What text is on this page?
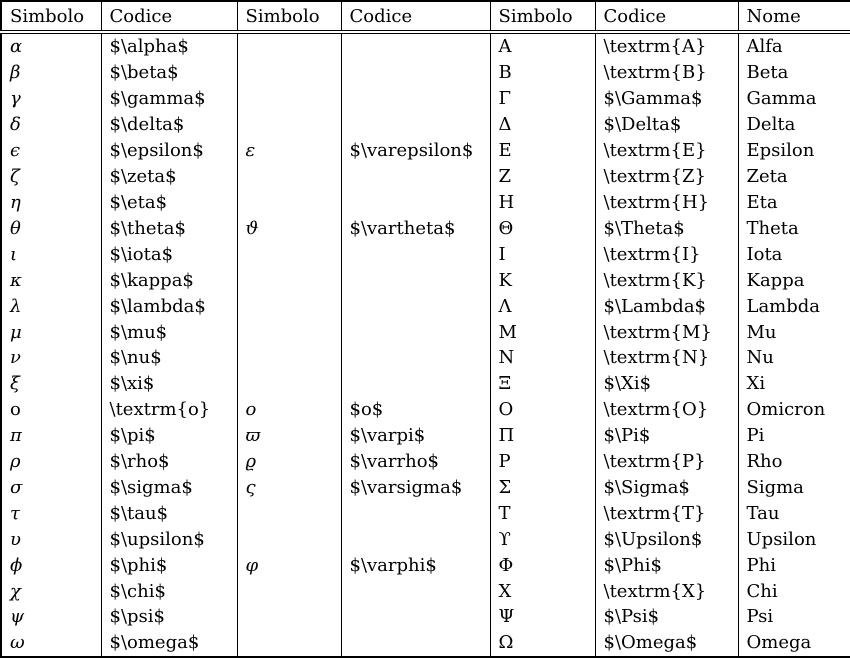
Simbolo	Codice	Simbolo	Codice	Simbolo	Codice	Nome
α	$\alpha$			A	\textrm{A}	Alfa
β	$\beta$			B	\textrm{B}	Beta
γ	$\gamma$			Γ	$\Gamma$	Gamma
δ	$\delta$			Δ	$\Delta$	Delta
ϵ	$\epsilon$	ε	$\varepsilon$	E	\textrm{E}	Epsilon
ζ	$\zeta$			Z	\textrm{Z}	Zeta
η	$\eta$			H	\textrm{H}	Eta
θ	$\theta$	ϑ	$\vartheta$	Θ	$\Theta$	Theta
ι	$\iota$			I	\textrm{I}	Iota
κ	$\kappa$			K	\textrm{K}	Kappa
λ	$\lambda$			Λ	$\Lambda$	Lambda
μ	$\mu$			M	\textrm{M}	Mu
ν	$\nu$			N	\textrm{N}	Nu
ξ	$\xi$			Ξ	$\Xi$	Xi
o	\textrm{o}	o	$o$	O	\textrm{O}	Omicron
π	$\pi$	ϖ	$\varpi$	Π	$\Pi$	Pi
ρ	$\rho$	ϱ	$\varrho$	P	\textrm{P}	Rho
σ	$\sigma$	ς	$\varsigma$	Σ	$\Sigma$	Sigma
τ	$\tau$			T	\textrm{T}	Tau
υ	$\upsilon$			ϒ	$\Upsilon$	Upsilon
ϕ	$\phi$	φ	$\varphi$	Φ	$\Phi$	Phi
χ	$\chi$			X	\textrm{X}	Chi
ψ	$\psi$			Ψ	$\Psi$	Psi
ω	$\omega$			Ω	$\Omega$	Omega
